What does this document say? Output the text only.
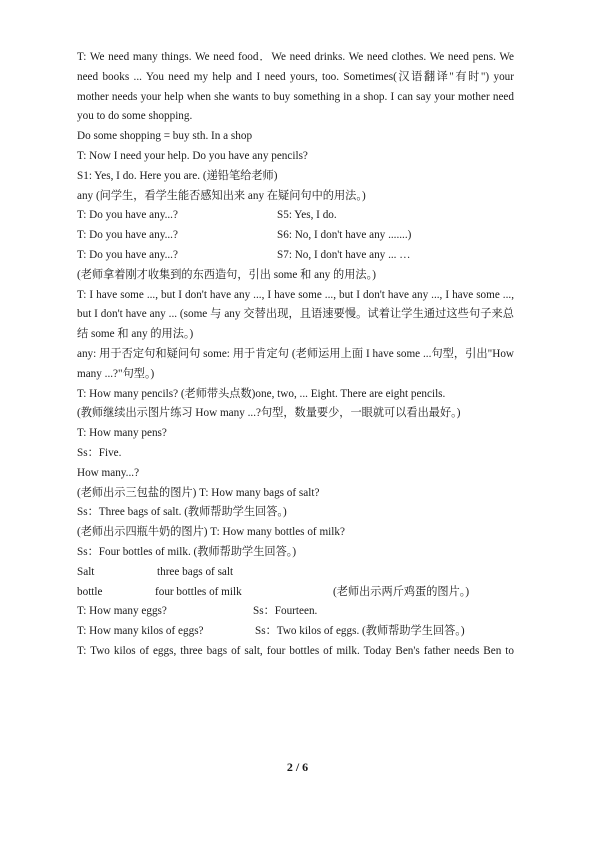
T: We need many things. We need food．We need drinks. We need clothes. We need pens. We need books ... You need my help and I need yours, too. Sometimes(汉语翻译"有时") your mother needs your help when she wants to buy something in a shop. I can say your mother need you to do some shopping.

Do some shopping = buy sth. In a shop

T: Now I need your help. Do you have any pencils?

S1: Yes, I do. Here you are. (递铅笔给老师)

any (问学生，看学生能否感知出来 any 在疑问句中的用法。)

T: Do you have any...?	S5: Yes, I do.
T: Do you have any...?	S6: No, I don't have any .......)
T: Do you have any...?	S7: No, I don't have any ... …

(老师拿着刚才收集到的东西造句，引出 some 和 any 的用法。)

T: I have some ..., but I don't have any ..., I have some ..., but I don't have any ..., I have some ..., but I don't have any ... (some 与 any 交替出现，且语速要慢。试着让学生通过这些句子来总结 some 和 any 的用法。)

any: 用于否定句和疑问句 some: 用于肯定句 (老师运用上面 I have some ...句型，引出"How many ...?"句型。)

T: How many pencils? (老师带头点数)one, two, ... Eight. There are eight pencils.

(教师继续出示图片练习 How many ...?句型，数量要少，一眼就可以看出最好。)

T: How many pens?

Ss：Five.

How many...?

(老师出示三包盐的图片) T: How many bags of salt?

Ss：Three bags of salt. (教师帮助学生回答。)

(老师出示四瓶牛奶的图片) T: How many bottles of milk?

Ss：Four bottles of milk. (教师帮助学生回答。)

Salt	three bags of salt
bottle	four bottles of milk	(老师出示两斤鸡蛋的图片。)
T: How many eggs?	Ss：Fourteen.
T: How many kilos of eggs?	Ss：Two kilos of eggs. (教师帮助学生回答。)

T: Two kilos of eggs, three bags of salt, four bottles of milk. Today Ben's father needs Ben to

2 / 6
